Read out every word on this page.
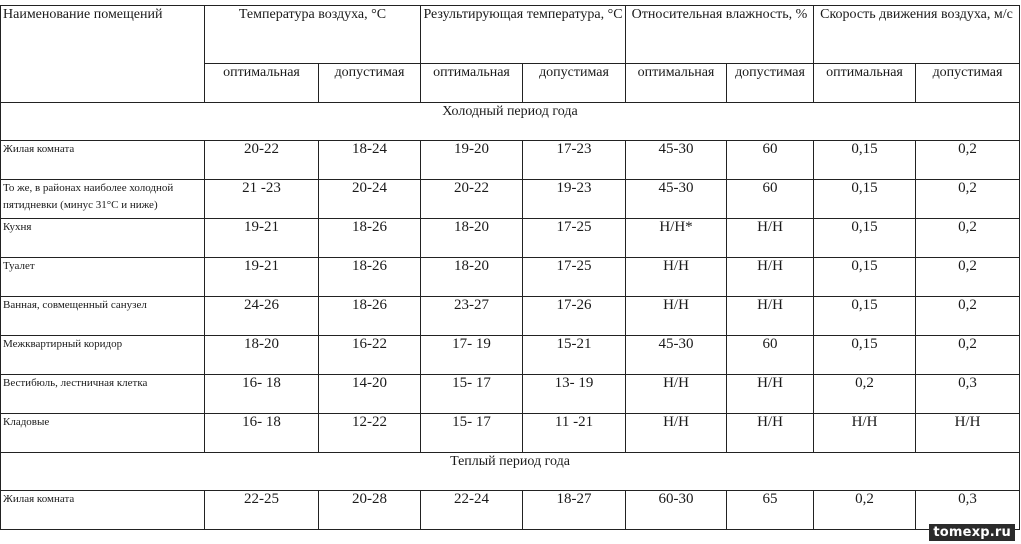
Наименование помещений	Температура воздуха, °С		Результирующая температура, °С		Относительная влажность, %		Скорость движения воздуха, м/с	
	оптимальная	допустимая	оптимальная	допустимая	оптимальная	допустимая	оптимальная	допустимая
Холодный период года								
Жилая комната	20-22	18-24	19-20	17-23	45-30	60	0,15	0,2
То же, в районах наиболее холодной пятидневки (минус 31°С и ниже)	21 -23	20-24	20-22	19-23	45-30	60	0,15	0,2
Кухня	19-21	18-26	18-20	17-25	Н/Н*	Н/Н	0,15	0,2
Туалет	19-21	18-26	18-20	17-25	Н/Н	Н/Н	0,15	0,2
Ванная, совмещенный санузел	24-26	18-26	23-27	17-26	Н/Н	Н/Н	0,15	0,2
Межквартирный коридор	18-20	16-22	17- 19	15-21	45-30	60	0,15	0,2
Вестибюль, лестничная клетка	16- 18	14-20	15- 17	13- 19	Н/Н	Н/Н	0,2	0,3
Кладовые	16- 18	12-22	15- 17	11 -21	Н/Н	Н/Н	Н/Н	Н/Н
Теплый период года								
Жилая комната	22-25	20-28	22-24	18-27	60-30	65	0,2	0,3
tomexp.ru
